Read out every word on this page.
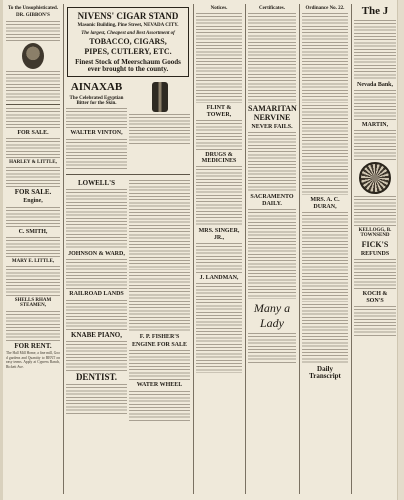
To the Unsophisticated.
DR. GIBBON'S
FOR SALE.
HARLEY & LITTLE,
FOR SALE.
Engine,
C. SMITH,
MARY E. LITTLE,
SHELLS RHAM STEAMEN,
FOR RENT.
The Hall Mill Home, a fine mill, Good gardens and Quantity to RENT on easy terms. Apply at Cypress Ranch, Rickett Ave.
NIVENS' CIGAR STAND
Masonic Building, Pine Street, NEVADA CITY.
The largest, Cheapest and Best Assortment of
TOBACCO, CIGARS,
PIPES, CUTLERY, ETC.
Finest Stock of Meerschaum Goods ever brought to the county.
AINAXAB
The Celebrated Egyptian Bitter for the Skin.
WALTER VINTON,
LOWELL'S
JOHNSON & WARD,
RAILROAD LANDS
KNABE PIANO,
DENTIST.
F. P. FISHER'S
ENGINE FOR SALE
WATER WHEEL
Notices.
FLINT & TOWER,
DRUGS & MEDICINES
MRS. SINGER, JR.,
J. LANDMAN,
Certificates.
SAMARITAN NERVINE
NEVER FAILS.
SACRAMENTO DAILY.
Many a Lady
Ordinance No. 22.
MRS. A. C. DURAN,
Daily Transcript
The J
Nevada Bank,
MARTIN,
KELLOGG, B. TOWNSEND
FICK'S
REFUNDS
KOCH & SON'S
